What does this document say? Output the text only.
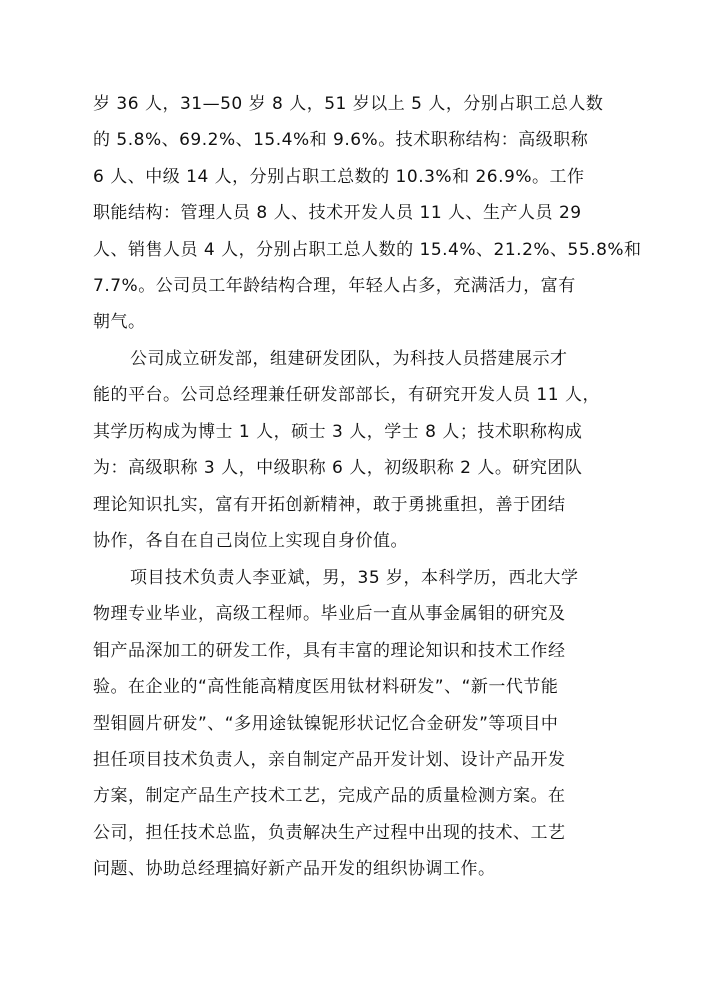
岁 36 人，31—50 岁 8 人，51 岁以上 5 人，分别占职工总人数
的 5.8%、69.2%、15.4%和 9.6%。技术职称结构：高级职称
6 人、中级 14 人，分别占职工总数的 10.3%和 26.9%。工作
职能结构：管理人员 8 人、技术开发人员 11 人、生产人员 29
人、销售人员 4 人，分别占职工总人数的 15.4%、21.2%、55.8%和
7.7%。公司员工年龄结构合理，年轻人占多，充满活力，富有
朝气。
公司成立研发部，组建研发团队，为科技人员搭建展示才
能的平台。公司总经理兼任研发部部长，有研究开发人员 11 人，
其学历构成为博士 1 人，硕士 3 人，学士 8 人；技术职称构成
为：高级职称 3 人，中级职称 6 人，初级职称 2 人。研究团队
理论知识扎实，富有开拓创新精神，敢于勇挑重担，善于团结
协作，各自在自己岗位上实现自身价值。
项目技术负责人李亚斌，男，35 岁，本科学历，西北大学
物理专业毕业，高级工程师。毕业后一直从事金属钼的研究及
钼产品深加工的研发工作，具有丰富的理论知识和技术工作经
验。在企业的“高性能高精度医用钛材料研发”、“新一代节能
型钼圆片研发”、“多用途钛镍铌形状记忆合金研发”等项目中
担任项目技术负责人，亲自制定产品开发计划、设计产品开发
方案，制定产品生产技术工艺，完成产品的质量检测方案。在
公司，担任技术总监，负责解决生产过程中出现的技术、工艺
问题、协助总经理搞好新产品开发的组织协调工作。
